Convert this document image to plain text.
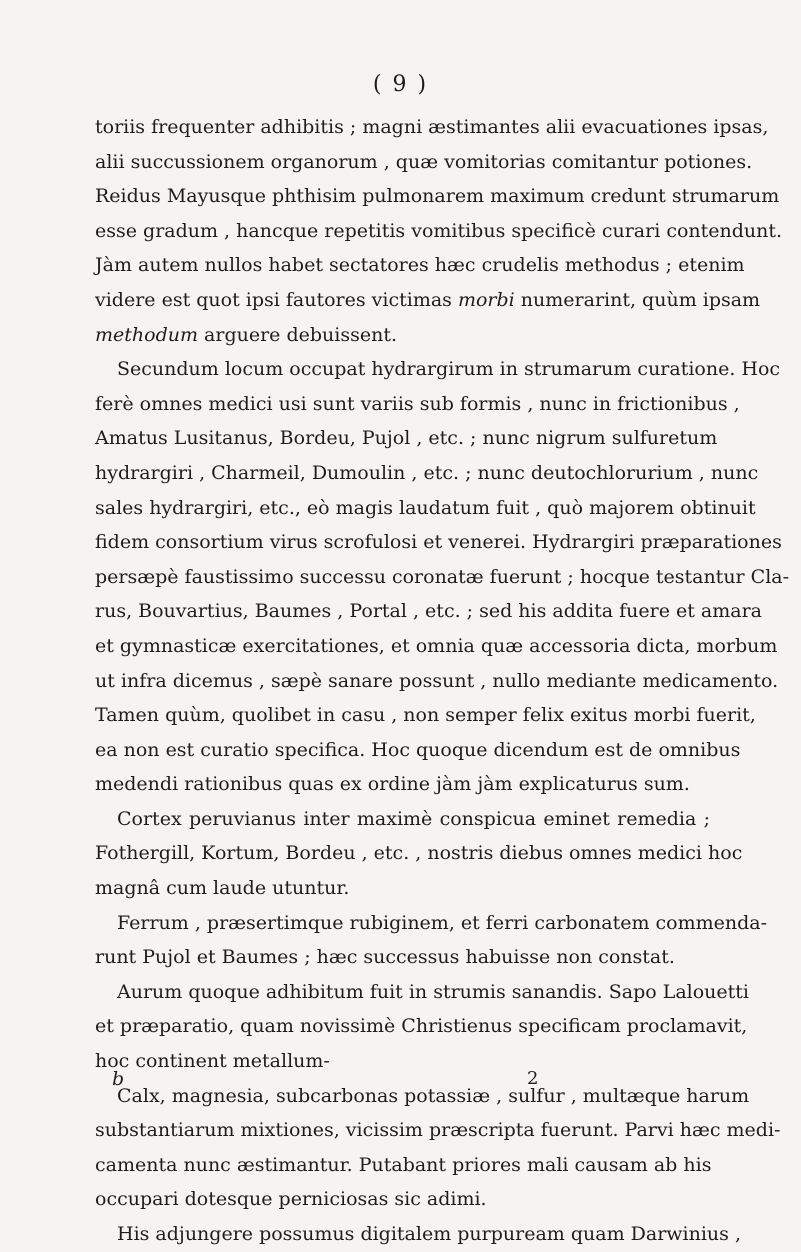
( 9 )
toriis frequenter adhibitis ; magni æstimantes alii evacuationes ipsas,
alii succussionem organorum , quæ vomitorias comitantur potiones.
Reidus Mayusque phthisim pulmonarem maximum credunt strumarum
esse gradum , hancque repetitis vomitibus specificè curari contendunt.
Jàm autem nullos habet sectatores hæc crudelis methodus ; etenim
videre est quot ipsi fautores victimas morbi numerarint, quùm ipsam
methodum arguere debuissent.
Secundum locum occupat hydrargirum in strumarum curatione. Hoc
ferè omnes medici usi sunt variis sub formis , nunc in frictionibus ,
Amatus Lusitanus, Bordeu, Pujol , etc. ; nunc nigrum sulfuretum
hydrargiri , Charmeil, Dumoulin , etc. ; nunc deutochlorurium , nunc
sales hydrargiri, etc., eò magis laudatum fuit , quò majorem obtinuit
fidem consortium virus scrofulosi et venerei. Hydrargiri præparationes
persæpè faustissimo successu coronatæ fuerunt ; hocque testantur Cla-
rus, Bouvartius, Baumes , Portal , etc. ; sed his addita fuere et amara
et gymnasticæ exercitationes, et omnia quæ accessoria dicta, morbum
ut infra dicemus , sæpè sanare possunt , nullo mediante medicamento.
Tamen quùm, quolibet in casu , non semper felix exitus morbi fuerit,
ea non est curatio specifica. Hoc quoque dicendum est de omnibus
medendi rationibus quas ex ordine jàm jàm explicaturus sum.
Cortex peruvianus inter maximè conspicua eminet remedia ;
Fothergill, Kortum, Bordeu , etc. , nostris diebus omnes medici hoc
magnâ cum laude utuntur.
Ferrum , præsertimque rubiginem, et ferri carbonatem commenda-
runt Pujol et Baumes ; hæc successus habuisse non constat.
Aurum quoque adhibitum fuit in strumis sanandis. Sapo Lalouetti
et præparatio, quam novissimè Christienus specificam proclamavit,
hoc continent metallum-
Calx, magnesia, subcarbonas potassiæ , sulfur , multæque harum
substantiarum mixtiones, vicissim præscripta fuerunt. Parvi hæc medi-
camenta nunc æstimantur. Putabant priores mali causam ab his
occupari dotesque perniciosas sic adimi.
His adjungere possumus digitalem purpuream quam Darwinius ,
b	2
